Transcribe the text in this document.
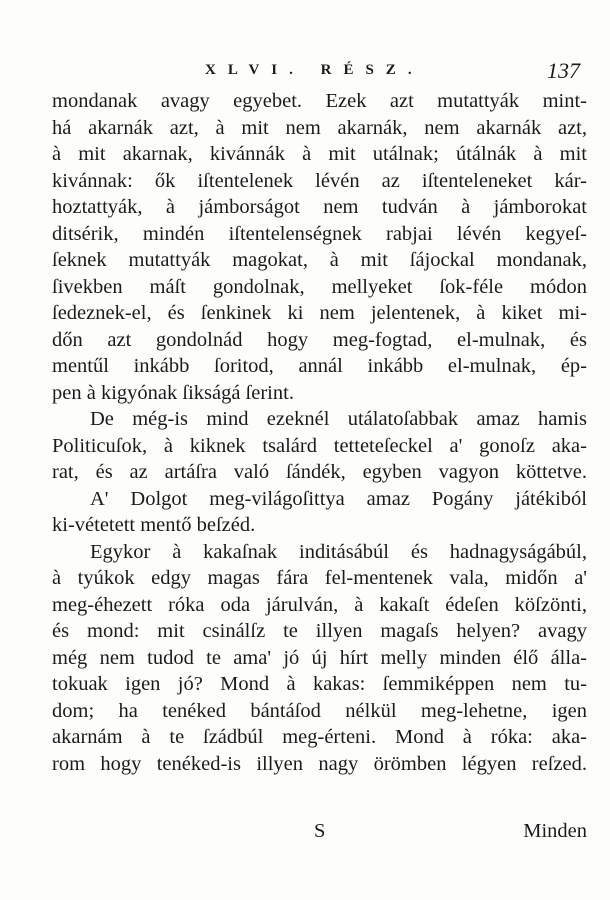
XLVI. RÉSZ.	137
mondanak avagy egyebet. Ezek azt mutattyák mint-
há akarnák azt, à mit nem akarnák, nem akarnák azt,
à mit akarnak, kivánnák à mit utálnak; útálnák à mit
kivánnak: ők iſtentelenek lévén az iſtenteleneket kár-
hoztattyák, à jámborságot nem tudván à jámborokat
ditsérik, mindén iſtentelenségnek rabjai lévén kegyeſ-
ſeknek mutattyák magokat, à mit ſájockal mondanak,
ſivekben máſt gondolnak, mellyeket ſok-féle módon
ſedeznek-el, és ſenkinek ki nem jelentenek, à kiket mi-
dőn azt gondolnád hogy meg-fogtad, el-mulnak, és
mentűl inkább ſoritod, annál inkább el-mulnak, ép-
pen à kigyónak ſikságá ſerint.
De még-is mind ezeknél utálatoſabbak amaz hamis
Politicuſok, à kiknek tsalárd tetteteſeckel a' gonoſz aka-
rat, és az artáſra való ſándék, egyben vagyon köttetve.
A' Dolgot meg-világoſittya amaz Pogány játékiból
ki-vétetett mentő beſzéd.
Egykor à kakaſnak inditásábúl és hadnagyságábúl,
à tyúkok edgy magas fára fel-mentenek vala, midőn a'
meg-éhezett róka oda járulván, à kakaſt édeſen köſzönti,
és mond: mit csinálſz te illyen magaſs helyen? avagy
még nem tudod te ama' jó új hírt melly minden élő álla-
tokuak igen jó? Mond à kakas: ſemmiképpen nem tu-
dom; ha tenéked bántáſod nélkül meg-lehetne, igen
akarnám à te ſzádbúl meg-érteni. Mond à róka: aka-
rom hogy tenéked-is illyen nagy örömben légyen reſzed.
S	Minden
